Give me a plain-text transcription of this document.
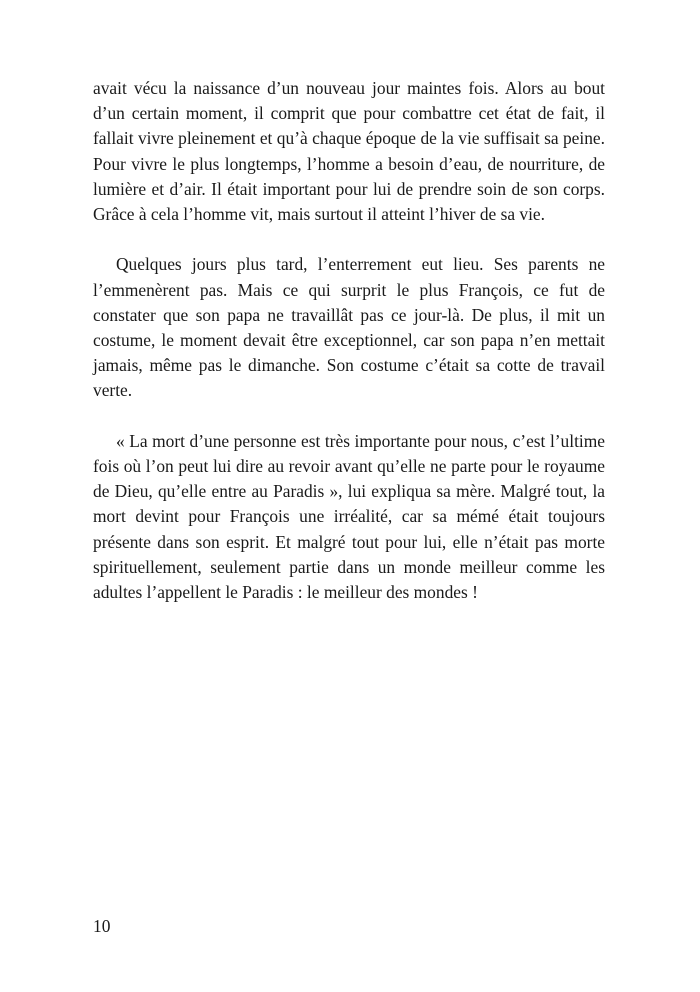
avait vécu la naissance d’un nouveau jour maintes fois. Alors au bout d’un certain moment, il comprit que pour combattre cet état de fait, il fallait vivre pleinement et qu’à chaque époque de la vie suffisait sa peine. Pour vivre le plus longtemps, l’homme a besoin d’eau, de nourriture, de lumière et d’air. Il était important pour lui de prendre soin de son corps. Grâce à cela l’homme vit, mais surtout il atteint l’hiver de sa vie.

Quelques jours plus tard, l’enterrement eut lieu. Ses parents ne l’emmenèrent pas. Mais ce qui surprit le plus François, ce fut de constater que son papa ne travaillât pas ce jour-là. De plus, il mit un costume, le moment devait être exceptionnel, car son papa n’en mettait jamais, même pas le dimanche. Son costume c’était sa cotte de travail verte.

« La mort d’une personne est très importante pour nous, c’est l’ultime fois où l’on peut lui dire au revoir avant qu’elle ne parte pour le royaume de Dieu, qu’elle entre au Paradis », lui expliqua sa mère. Malgré tout, la mort devint pour François une irréalité, car sa mémé était toujours présente dans son esprit. Et malgré tout pour lui, elle n’était pas morte spirituellement, seulement partie dans un monde meilleur comme les adultes l’appellent le Paradis : le meilleur des mondes !

10
